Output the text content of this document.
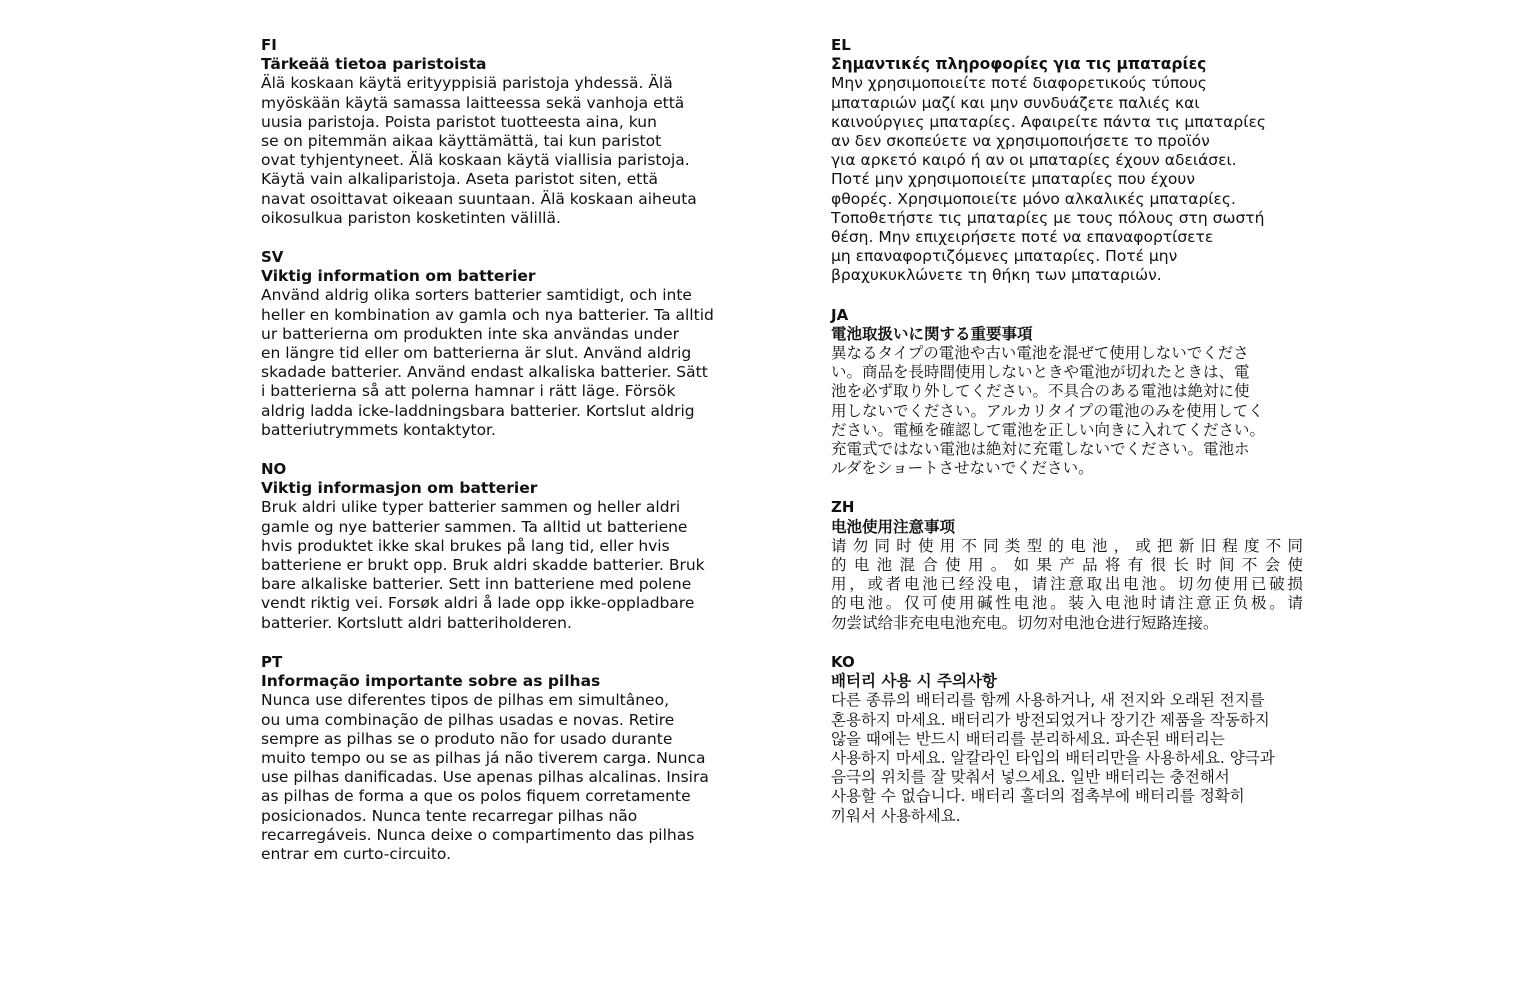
FI
Tärkeää tietoa paristoista
Älä koskaan käytä erityyppisiä paristoja yhdessä. Älä
myöskään käytä samassa laitteessa sekä vanhoja että
uusia paristoja. Poista paristot tuotteesta aina, kun
se on pitemmän aikaa käyttämättä, tai kun paristot
ovat tyhjentyneet. Älä koskaan käytä viallisia paristoja.
Käytä vain alkaliparistoja. Aseta paristot siten, että
navat osoittavat oikeaan suuntaan. Älä koskaan aiheuta
oikosulkua pariston kosketinten välillä.
SV
Viktig information om batterier
Använd aldrig olika sorters batterier samtidigt, och inte
heller en kombination av gamla och nya batterier. Ta alltid
ur batterierna om produkten inte ska användas under
en längre tid eller om batterierna är slut. Använd aldrig
skadade batterier. Använd endast alkaliska batterier. Sätt
i batterierna så att polerna hamnar i rätt läge. Försök
aldrig ladda icke-laddningsbara batterier. Kortslut aldrig
batteriutrymmets kontaktytor.
NO
Viktig informasjon om batterier
Bruk aldri ulike typer batterier sammen og heller aldri
gamle og nye batterier sammen. Ta alltid ut batteriene
hvis produktet ikke skal brukes på lang tid, eller hvis
batteriene er brukt opp. Bruk aldri skadde batterier. Bruk
bare alkaliske batterier. Sett inn batteriene med polene
vendt riktig vei. Forsøk aldri å lade opp ikke-oppladbare
batterier. Kortslutt aldri batteriholderen.
PT
Informação importante sobre as pilhas
Nunca use diferentes tipos de pilhas em simultâneo,
ou uma combinação de pilhas usadas e novas. Retire
sempre as pilhas se o produto não for usado durante
muito tempo ou se as pilhas já não tiverem carga. Nunca
use pilhas danificadas. Use apenas pilhas alcalinas. Insira
as pilhas de forma a que os polos fiquem corretamente
posicionados. Nunca tente recarregar pilhas não
recarregáveis. Nunca deixe o compartimento das pilhas
entrar em curto-circuito.
EL
Σημαντικές πληροφορίες για τις μπαταρίες
Μην χρησιμοποιείτε ποτέ διαφορετικούς τύπους
μπαταριών μαζί και μην συνδυάζετε παλιές και
καινούργιες μπαταρίες. Αφαιρείτε πάντα τις μπαταρίες
αν δεν σκοπεύετε να χρησιμοποιήσετε το προϊόν
για αρκετό καιρό ή αν οι μπαταρίες έχουν αδειάσει.
Ποτέ μην χρησιμοποιείτε μπαταρίες που έχουν
φθορές. Χρησιμοποιείτε μόνο αλκαλικές μπαταρίες.
Τοποθετήστε τις μπαταρίες με τους πόλους στη σωστή
θέση. Μην επιχειρήσετε ποτέ να επαναφορτίσετε
μη επαναφορτιζόμενες μπαταρίες. Ποτέ μην
βραχυκυκλώνετε τη θήκη των μπαταριών.
JA
電池取扱いに関する重要事項
異なるタイプの電池や古い電池を混ぜて使用しないでくださ
い。商品を長時間使用しないときや電池が切れたときは、電
池を必ず取り外してください。不具合のある電池は絶対に使
用しないでください。アルカリタイプの電池のみを使用してく
ださい。電極を確認して電池を正しい向きに入れてください。
充電式ではない電池は絶対に充電しないでください。電池ホ
ルダをショートさせないでください。
ZH
电池使用注意事项
请勿同时使用不同类型的电池，或把新旧程度不同
的电池混合使用。如果产品将有很长时间不会使
用，或者电池已经没电，请注意取出电池。切勿使用已破损
的电池。仅可使用碱性电池。装入电池时请注意正负极。请
勿尝试给非充电电池充电。切勿对电池仓进行短路连接。
KO
배터리 사용 시 주의사항
다른 종류의 배터리를 함께 사용하거나, 새 전지와 오래된 전지를
혼용하지 마세요. 배터리가 방전되었거나 장기간 제품을 작동하지
않을 때에는 반드시 배터리를 분리하세요. 파손된 배터리는
사용하지 마세요. 알칼라인 타입의 배터리만을 사용하세요. 양극과
음극의 위치를 잘 맞춰서 넣으세요. 일반 배터리는 충전해서
사용할 수 없습니다. 배터리 홀더의 접촉부에 배터리를 정확히
끼워서 사용하세요.
